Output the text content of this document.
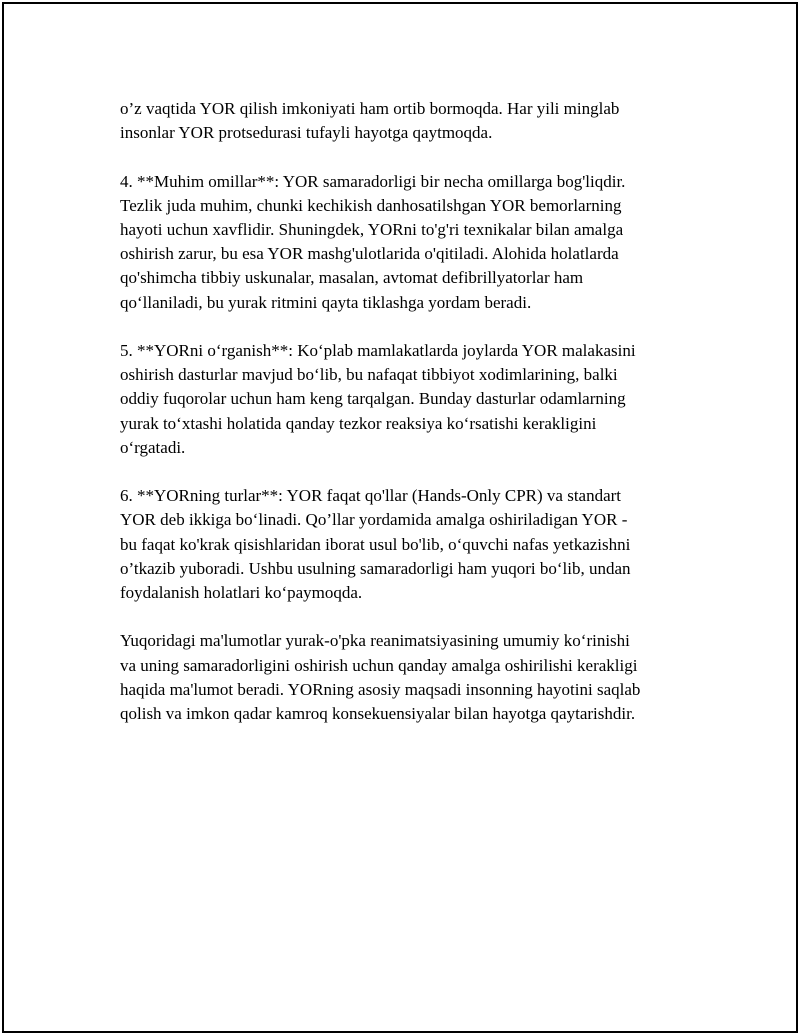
o’z vaqtida YOR qilish imkoniyati ham ortib bormoqda. Har yili minglab
insonlar YOR protsedurasi tufayli hayotga qaytmoqda.

4. **Muhim omillar**: YOR samaradorligi bir necha omillarga bog'liqdir.
Tezlik juda muhim, chunki kechikish danhosatilshgan YOR bemorlarning
hayoti uchun xavflidir. Shuningdek, YORni to'g'ri texnikalar bilan amalga
oshirish zarur, bu esa YOR mashg'ulotlarida o'qitiladi. Alohida holatlarda
qo'shimcha tibbiy uskunalar, masalan, avtomat defibrillyatorlar ham
qo‘llaniladi, bu yurak ritmini qayta tiklashga yordam beradi.

5. **YORni o‘rganish**: Ko‘plab mamlakatlarda joylarda YOR malakasini
oshirish dasturlar mavjud bo‘lib, bu nafaqat tibbiyot xodimlarining, balki
oddiy fuqorolar uchun ham keng tarqalgan. Bunday dasturlar odamlarning
yurak to‘xtashi holatida qanday tezkor reaksiya ko‘rsatishi kerakligini
o‘rgatadi.

6. **YORning turlar**: YOR faqat qo'llar (Hands-Only CPR) va standart
YOR deb ikkiga bo‘linadi. Qo’llar yordamida amalga oshiriladigan YOR -
bu faqat ko'krak qisishlaridan iborat usul bo'lib, o‘quvchi nafas yetkazishni
o’tkazib yuboradi. Ushbu usulning samaradorligi ham yuqori bo‘lib, undan
foydalanish holatlari ko‘paymoqda.

Yuqoridagi ma'lumotlar yurak-o'pka reanimatsiyasining umumiy ko‘rinishi
va uning samaradorligini oshirish uchun qanday amalga oshirilishi kerakligi
haqida ma'lumot beradi. YORning asosiy maqsadi insonning hayotini saqlab
qolish va imkon qadar kamroq konsekuensiyalar bilan hayotga qaytarishdir.
